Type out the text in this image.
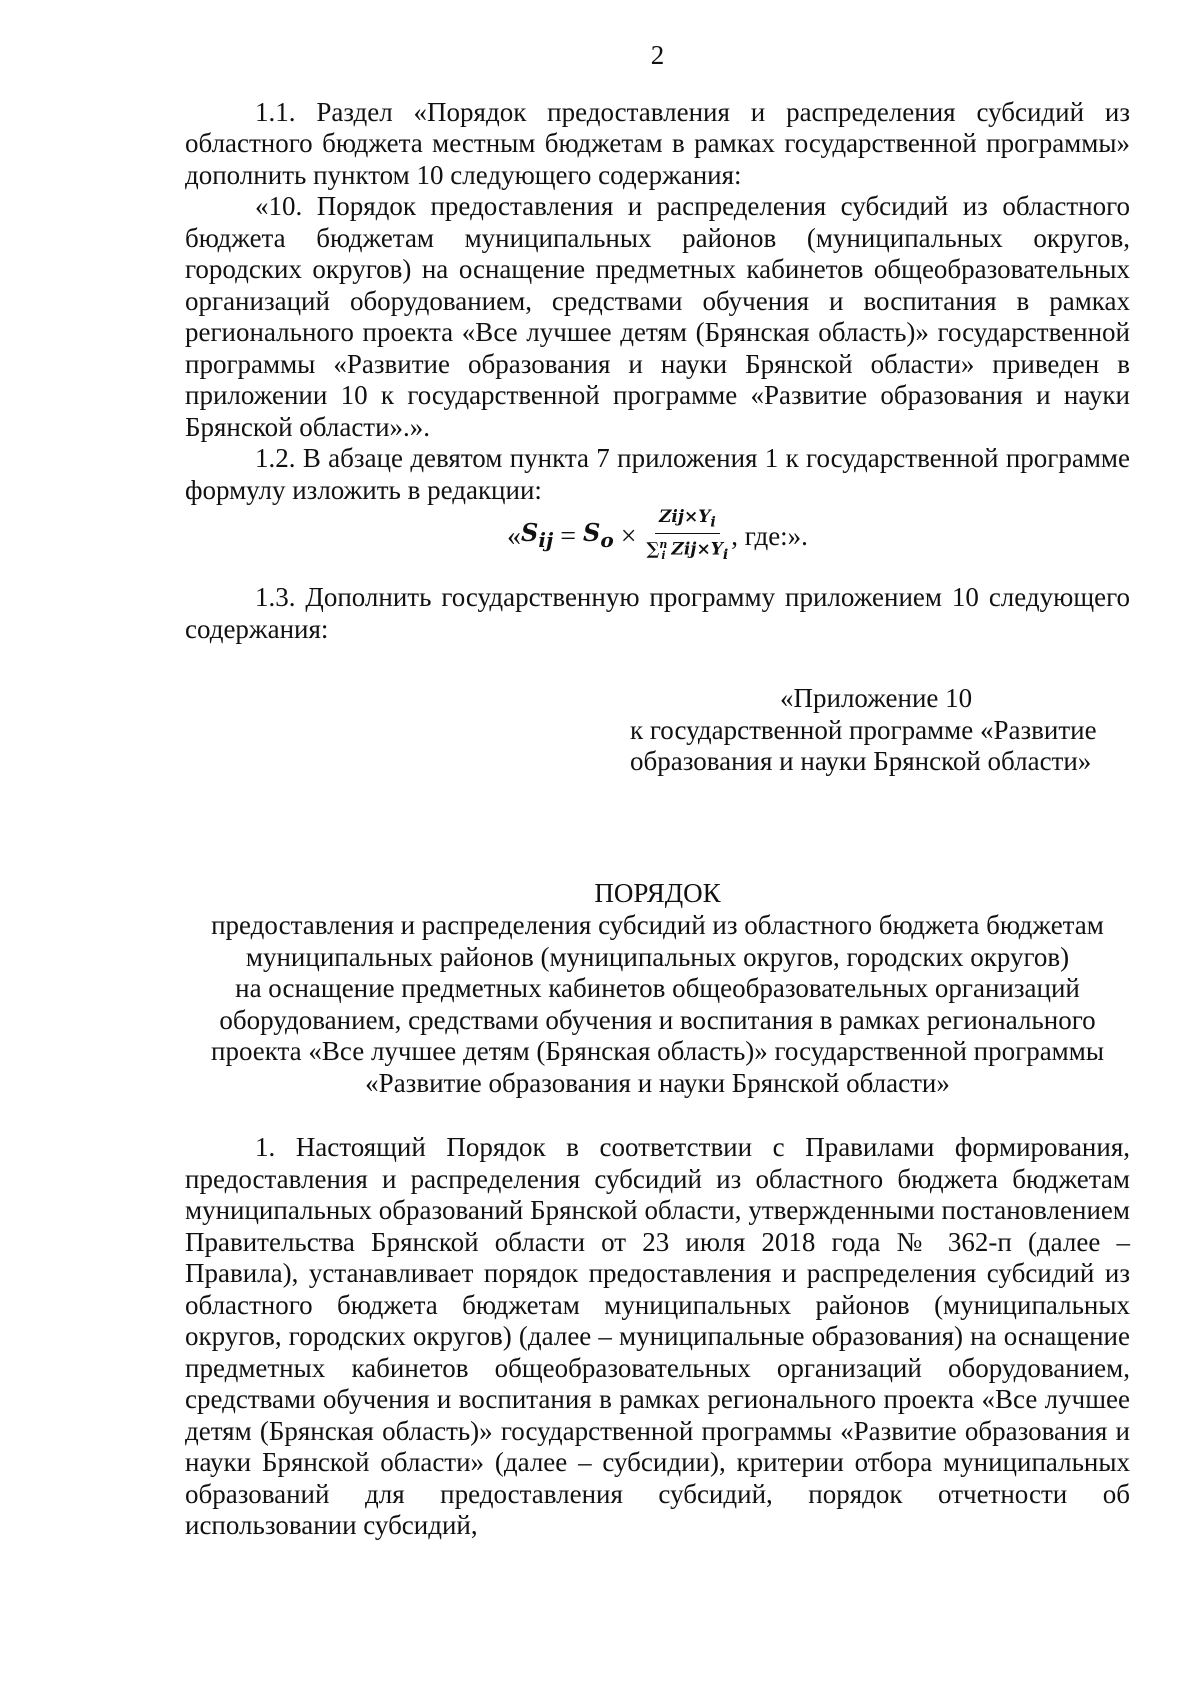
2

1.1. Раздел «Порядок предоставления и распределения субсидий из областного бюджета местным бюджетам в рамках государственной программы» дополнить пунктом 10 следующего содержания:

«10. Порядок предоставления и распределения субсидий из областного бюджета бюджетам муниципальных районов (муниципальных округов, городских округов) на оснащение предметных кабинетов общеобразовательных организаций оборудованием, средствами обучения и воспитания в рамках регионального проекта «Все лучшее детям (Брянская область)» государственной программы «Развитие образования и науки Брянской области» приведен в приложении 10 к государственной программе «Развитие образования и науки Брянской области».».

1.2. В абзаце девятом пункта 7 приложения 1 к государственной программе формулу изложить в редакции:

« $S_{ij} = S_o \times \frac{Zij\times Y_i}{\sum^n_i Zij\times Y_i}$ , где:».

1.3. Дополнить государственную программу приложением 10 следующего содержания:

«Приложение 10
к государственной программе «Развитие
образования и науки Брянской области»
ПОРЯДОК
предоставления и распределения субсидий из областного бюджета бюджетам
муниципальных районов (муниципальных округов, городских округов)
на оснащение предметных кабинетов общеобразовательных организаций
оборудованием, средствами обучения и воспитания в рамках регионального
проекта «Все лучшее детям (Брянская область)» государственной программы
«Развитие образования и науки Брянской области»

1. Настоящий Порядок в соответствии с Правилами формирования, предоставления и распределения субсидий из областного бюджета бюджетам муниципальных образований Брянской области, утвержденными постановлением Правительства Брянской области от 23 июля 2018 года № 362-п (далее – Правила), устанавливает порядок предоставления и распределения субсидий из областного бюджета бюджетам муниципальных районов (муниципальных округов, городских округов) (далее – муниципальные образования) на оснащение предметных кабинетов общеобразовательных организаций оборудованием, средствами обучения и воспитания в рамках регионального проекта «Все лучшее детям (Брянская область)» государственной программы «Развитие образования и науки Брянской области» (далее – субсидии), критерии отбора муниципальных образований для предоставления субсидий, порядок отчетности об использовании субсидий,
